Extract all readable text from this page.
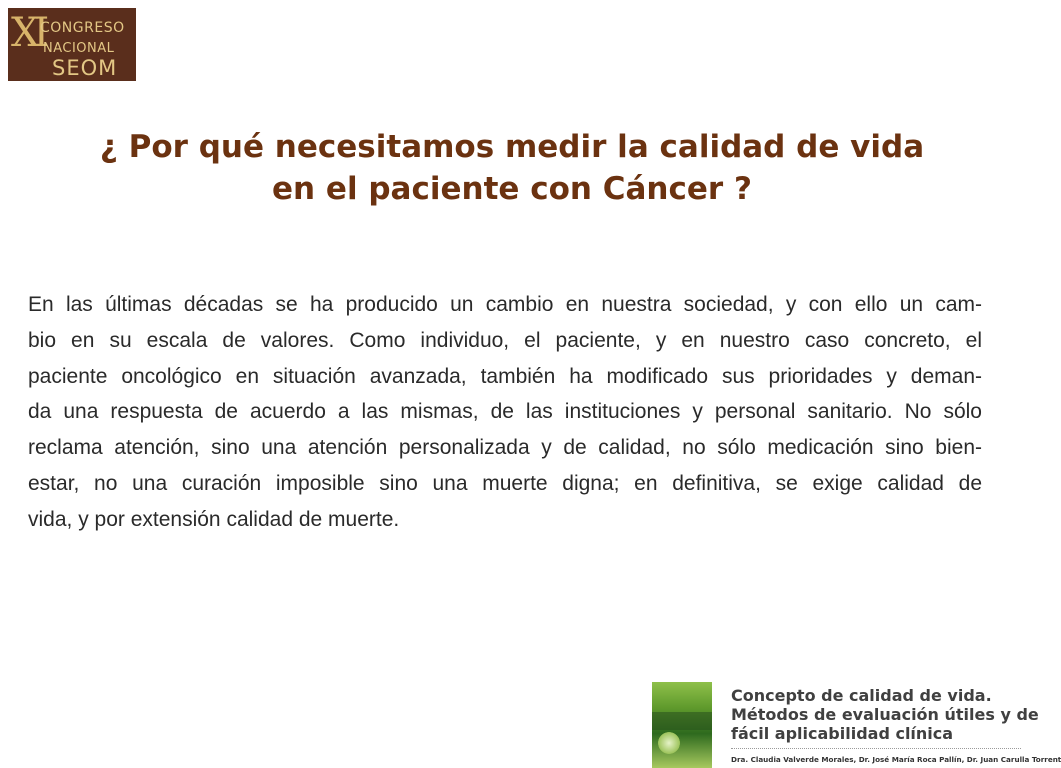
XI
CONGRESO
NACIONAL
SEOM
¿ Por qué necesitamos medir la calidad de vida
en el paciente con Cáncer ?
En las últimas décadas se ha producido un cambio en nuestra sociedad, y con ello un cam-
bio en su escala de valores. Como individuo, el paciente, y en nuestro caso concreto, el
paciente oncológico en situación avanzada, también ha modificado sus prioridades y deman-
da una respuesta de acuerdo a las mismas, de las instituciones y personal sanitario. No sólo
reclama atención, sino una atención personalizada y de calidad, no sólo medicación sino bien-
estar, no una curación imposible sino una muerte digna; en definitiva, se exige calidad de
vida, y por extensión calidad de muerte.
Concepto de calidad de vida.
Métodos de evaluación útiles y de
fácil aplicabilidad clínica
Dra. Claudia Valverde Morales, Dr. José María Roca Pallín, Dr. Juan Carulla Torrent
